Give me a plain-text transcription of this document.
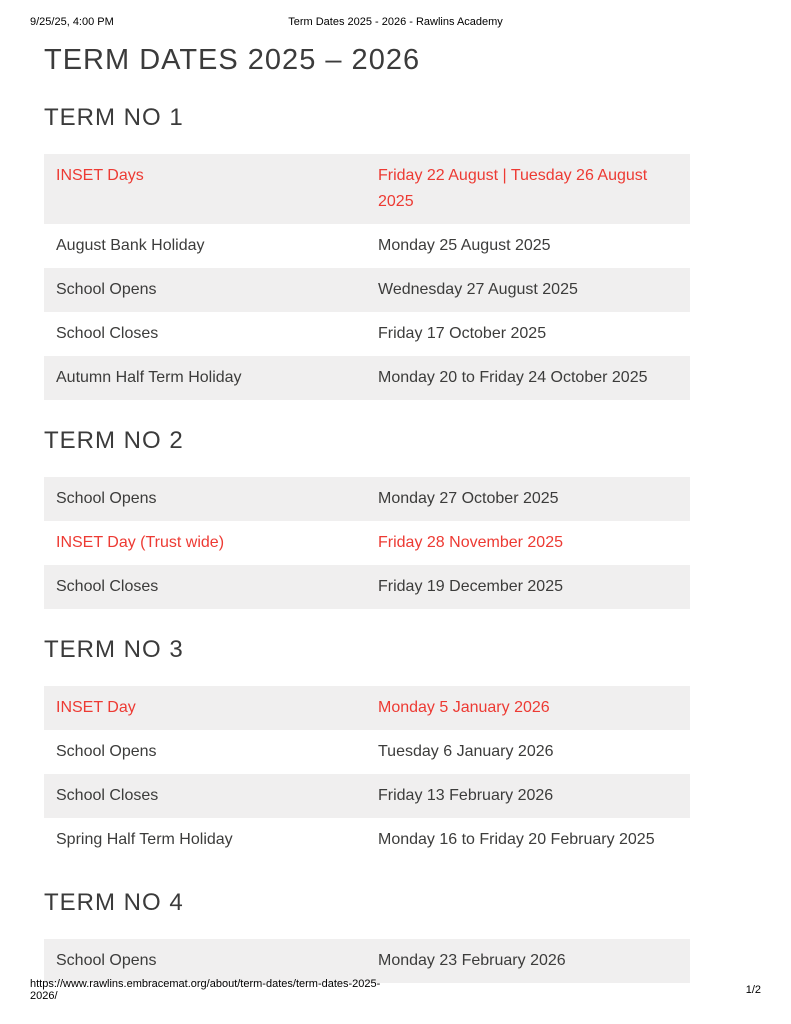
9/25/25, 4:00 PM	Term Dates 2025 - 2026 - Rawlins Academy
TERM DATES 2025 – 2026
TERM NO 1
INSET Days	Friday 22 August | Tuesday 26 August 2025
August Bank Holiday	Monday 25 August 2025
School Opens	Wednesday 27 August 2025
School Closes	Friday 17 October 2025
Autumn Half Term Holiday	Monday 20 to Friday 24 October 2025
TERM NO 2
School Opens	Monday 27 October 2025
INSET Day (Trust wide)	Friday 28 November 2025
School Closes	Friday 19 December 2025
TERM NO 3
INSET Day	Monday 5 January 2026
School Opens	Tuesday 6 January 2026
School Closes	Friday 13 February 2026
Spring Half Term Holiday	Monday 16 to Friday 20 February 2025
TERM NO 4
School Opens	Monday 23 February 2026
https://www.rawlins.embracemat.org/about/term-dates/term-dates-2025-2026/	1/2
